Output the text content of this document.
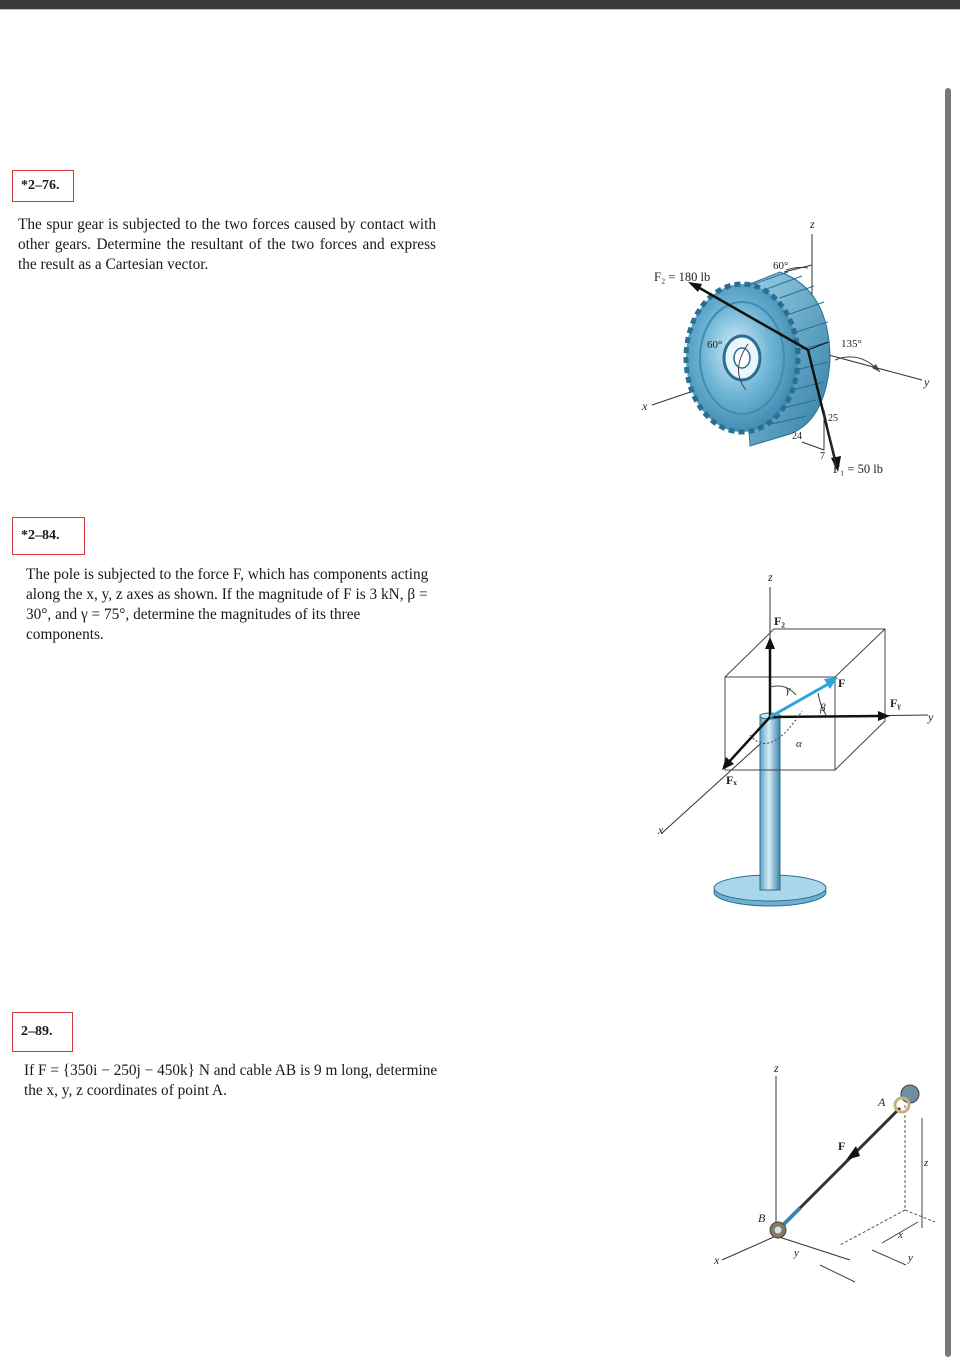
*2–76.

The spur gear is subjected to the two forces caused by contact with other gears. Determine the resultant of the two forces and express the result as a Cartesian vector.

z
x
y
F₂ = 180 lb
F₁ = 50 lb
60°
60°	135°
25
24
7
*2–84.

The pole is subjected to the force F, which has components acting along the x, y, z axes as shown. If the magnitude of F is 3 kN, β = 30°, and γ = 75°, determine the magnitudes of its three components.

z
x
y
F₂
Fᵧ
Fₓ
F
γ
β
α
2–89.

If F = {350i − 250j − 450k} N and cable AB is 9 m long, determine the x, y, z coordinates of point A.

z
x
A
B
F
y
x
z
y
